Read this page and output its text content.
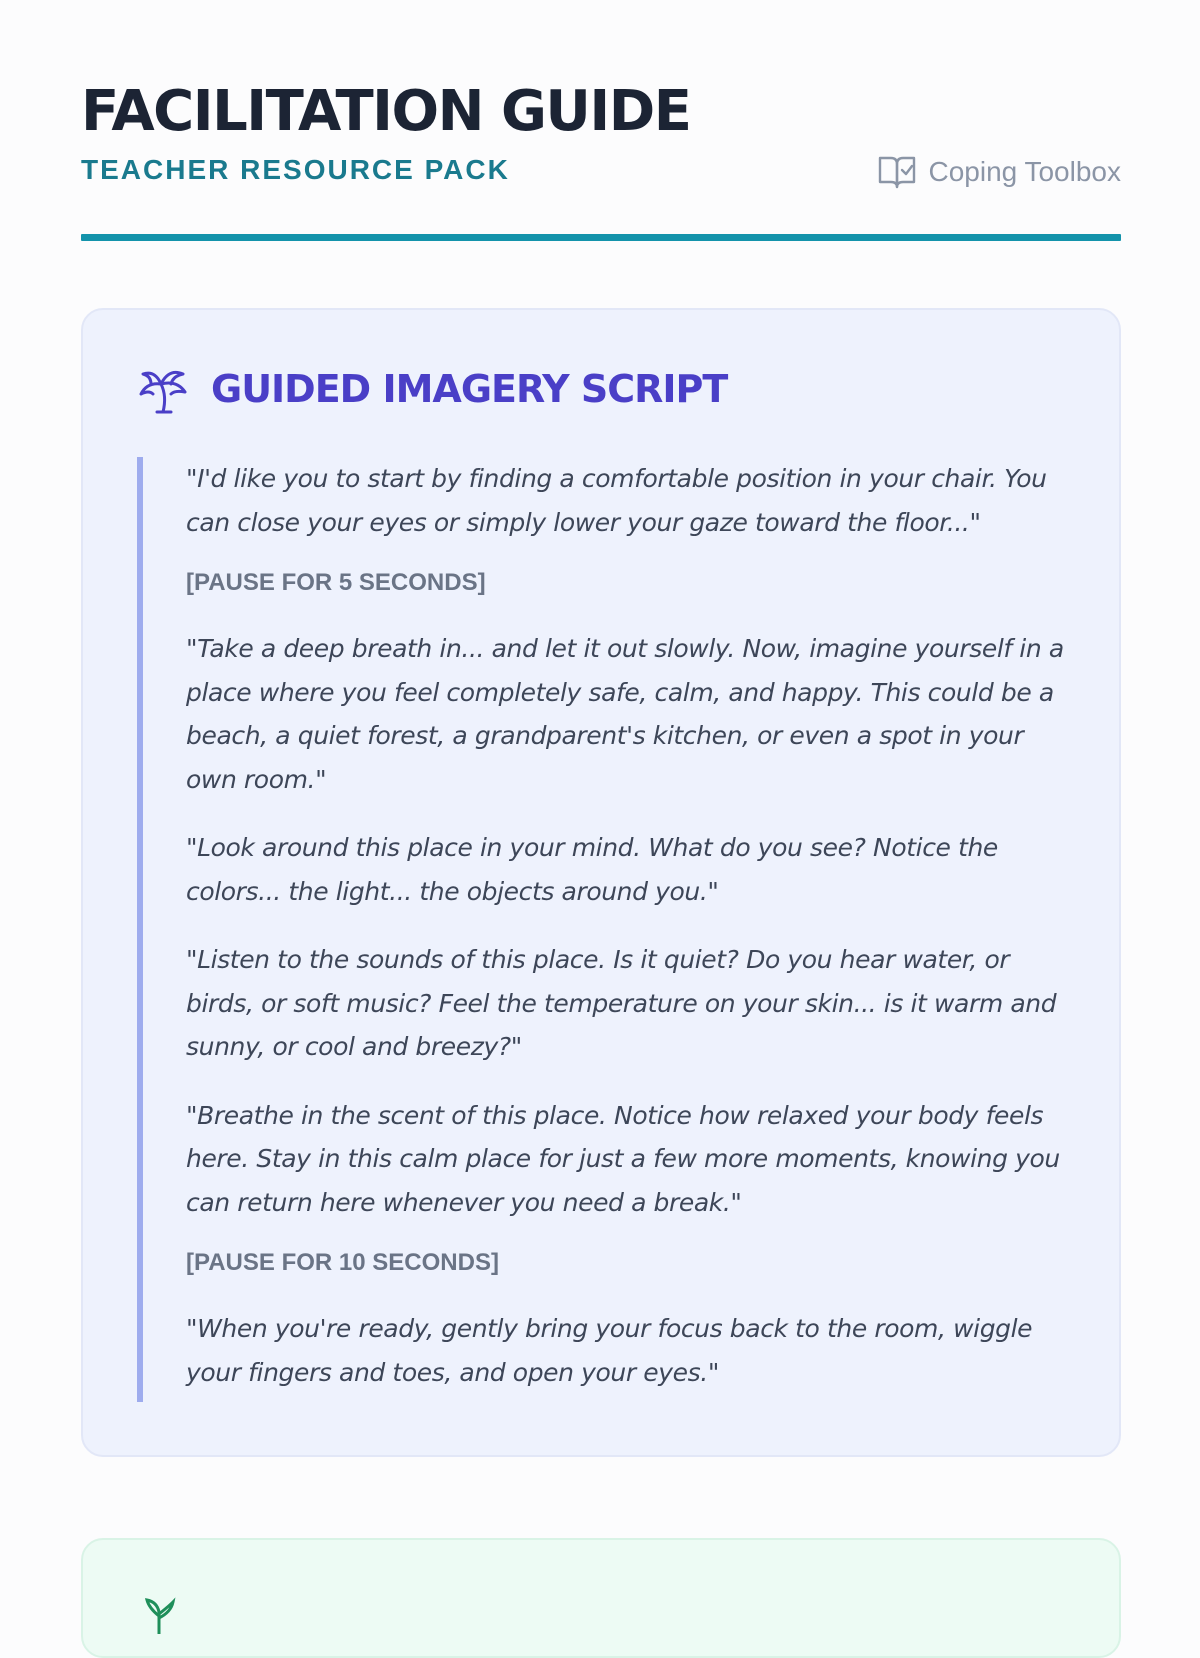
FACILITATION GUIDE
TEACHER RESOURCE PACK	Coping Toolbox
GUIDED IMAGERY SCRIPT

"I'd like you to start by finding a comfortable position in your chair. You can close your eyes or simply lower your gaze toward the floor..."

[PAUSE FOR 5 SECONDS]

"Take a deep breath in... and let it out slowly. Now, imagine yourself in a place where you feel completely safe, calm, and happy. This could be a beach, a quiet forest, a grandparent's kitchen, or even a spot in your own room."

"Look around this place in your mind. What do you see? Notice the colors... the light... the objects around you."

"Listen to the sounds of this place. Is it quiet? Do you hear water, or birds, or soft music? Feel the temperature on your skin... is it warm and sunny, or cool and breezy?"

"Breathe in the scent of this place. Notice how relaxed your body feels here. Stay in this calm place for just a few more moments, knowing you can return here whenever you need a break."

[PAUSE FOR 10 SECONDS]

"When you're ready, gently bring your focus back to the room, wiggle your fingers and toes, and open your eyes."
